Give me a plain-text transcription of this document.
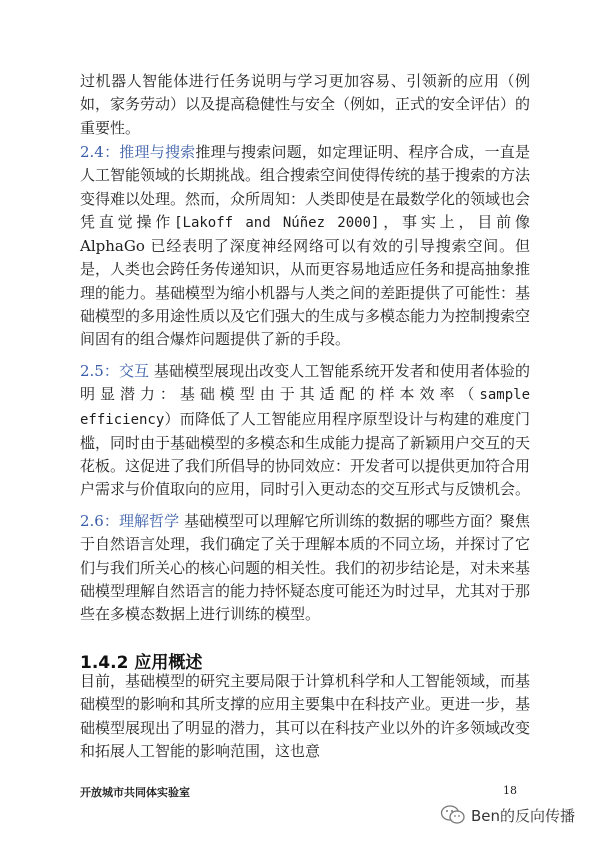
过机器人智能体进行任务说明与学习更加容易、引领新的应用（例如，家务劳动）以及提高稳健性与安全（例如，正式的安全评估）的重要性。

2.4：推理与搜索推理与搜索问题，如定理证明、程序合成，一直是人工智能领域的长期挑战。组合搜索空间使得传统的基于搜索的方法变得难以处理。然而，众所周知：人类即使是在最数学化的领域也会凭直觉操作[Lakoff and Núñez 2000]，事实上，目前像 AlphaGo 已经表明了深度神经网络可以有效的引导搜索空间。但是，人类也会跨任务传递知识，从而更容易地适应任务和提高抽象推理的能力。基础模型为缩小机器与人类之间的差距提供了可能性：基础模型的多用途性质以及它们强大的生成与多模态能力为控制搜索空间固有的组合爆炸问题提供了新的手段。

2.5：交互 基础模型展现出改变人工智能系统开发者和使用者体验的明显潜力：基础模型由于其适配的样本效率（sample efficiency）而降低了人工智能应用程序原型设计与构建的难度门槛，同时由于基础模型的多模态和生成能力提高了新颖用户交互的天花板。这促进了我们所倡导的协同效应：开发者可以提供更加符合用户需求与价值取向的应用，同时引入更动态的交互形式与反馈机会。

2.6：理解哲学 基础模型可以理解它所训练的数据的哪些方面？聚焦于自然语言处理，我们确定了关于理解本质的不同立场，并探讨了它们与我们所关心的核心问题的相关性。我们的初步结论是，对未来基础模型理解自然语言的能力持怀疑态度可能还为时过早，尤其对于那些在多模态数据上进行训练的模型。

1.4.2 应用概述

目前，基础模型的研究主要局限于计算机科学和人工智能领域，而基础模型的影响和其所支撑的应用主要集中在科技产业。更进一步，基础模型展现出了明显的潜力，其可以在科技产业以外的许多领域改变和拓展人工智能的影响范围，这也意

开放城市共同体实验室	18
Ben的反向传播
